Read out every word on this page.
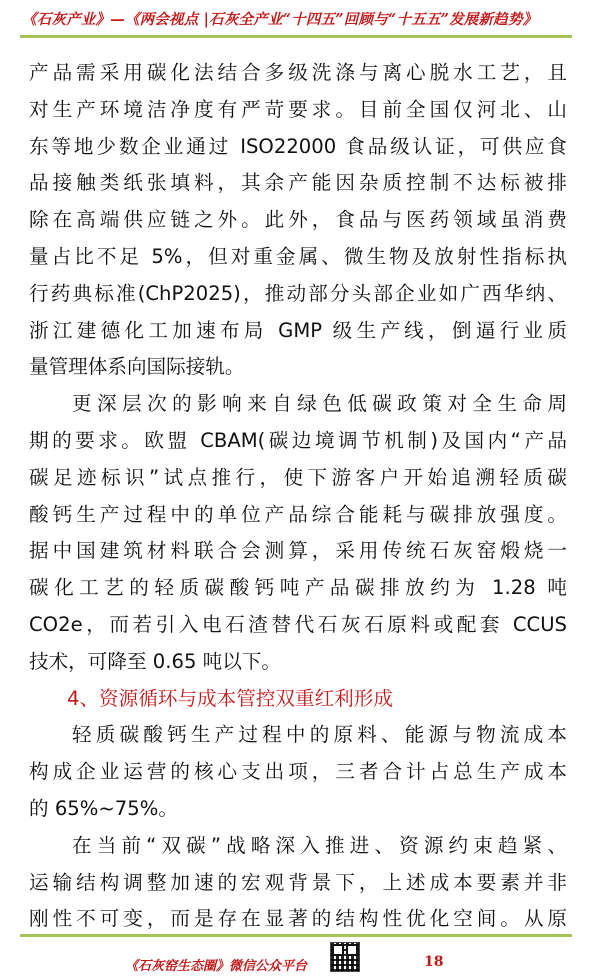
《石灰产业》—《两会视点 |石灰全产业“十四五”回顾与“十五五”发展新趋势》
产品需采用碳化法结合多级洗涤与离心脱水工艺，且
对生产环境洁净度有严苛要求。目前全国仅河北、山
东等地少数企业通过 ISO22000 食品级认证，可供应食
品接触类纸张填料，其余产能因杂质控制不达标被排
除在高端供应链之外。此外，食品与医药领域虽消费
量占比不足 5%，但对重金属、微生物及放射性指标执
行药典标准(ChP2025)，推动部分头部企业如广西华纳、
浙江建德化工加速布局 GMP 级生产线，倒逼行业质
量管理体系向国际接轨。
更深层次的影响来自绿色低碳政策对全生命周
期的要求。欧盟 CBAM(碳边境调节机制)及国内“产品
碳足迹标识”试点推行，使下游客户开始追溯轻质碳
酸钙生产过程中的单位产品综合能耗与碳排放强度。
据中国建筑材料联合会测算，采用传统石灰窑煅烧一
碳化工艺的轻质碳酸钙吨产品碳排放约为 1.28 吨
CO2e，而若引入电石渣替代石灰石原料或配套 CCUS
技术，可降至 0.65 吨以下。
4、资源循环与成本管控双重红利形成
轻质碳酸钙生产过程中的原料、能源与物流成本
构成企业运营的核心支出项，三者合计占总生产成本
的 65%~75%。
在当前“双碳”战略深入推进、资源约束趋紧、
运输结构调整加速的宏观背景下，上述成本要素并非
刚性不可变，而是存在显著的结构性优化空间。从原
《石灰窑生态圈》微信公众平台	18
